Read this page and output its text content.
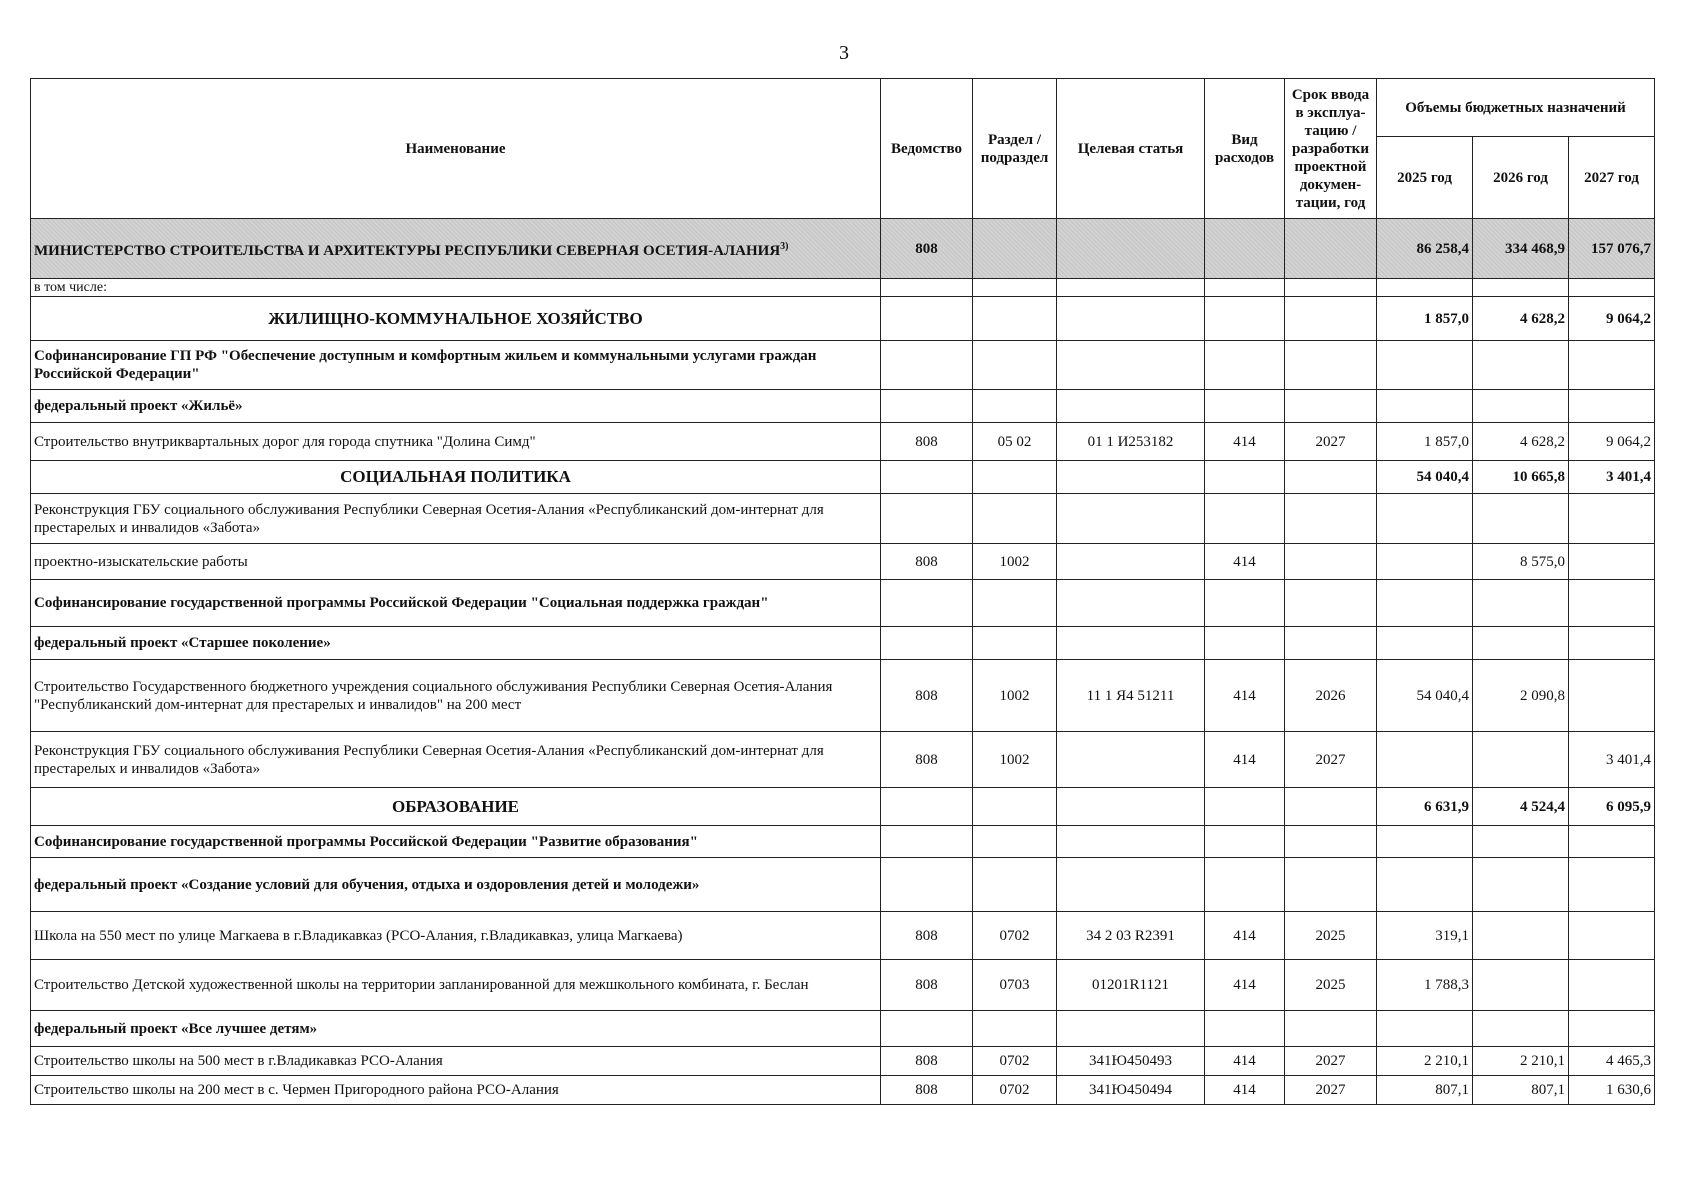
3
Наименование	Ведомство	Раздел / подраздел	Целевая статья	Вид расходов	Срок ввода в эксплуа-тацию / разработки проектной докумен-тации, год	Объемы бюджетных назначений		
						2025 год	2026 год	2027 год
МИНИСТЕРСТВО СТРОИТЕЛЬСТВА И АРХИТЕКТУРЫ РЕСПУБЛИКИ СЕВЕРНАЯ ОСЕТИЯ-АЛАНИЯ$^{3)}$	808					86 258,4	334 468,9	157 076,7
в том числе:								
ЖИЛИЩНО-КОММУНАЛЬНОЕ ХОЗЯЙСТВО						1 857,0	4 628,2	9 064,2
Софинансирование ГП РФ "Обеспечение доступным и комфортным жильем и коммунальными услугами граждан Российской Федерации"								
федеральный проект «Жильё»								
Строительство внутриквартальных дорог для города спутника "Долина Симд"	808	05 02	01 1 И253182	414	2027	1 857,0	4 628,2	9 064,2
СОЦИАЛЬНАЯ ПОЛИТИКА						54 040,4	10 665,8	3 401,4
Реконструкция ГБУ социального обслуживания Республики Северная Осетия-Алания «Республиканский дом-интернат для престарелых и инвалидов «Забота»								
проектно-изыскательские работы	808	1002		414			8 575,0	
Софинансирование государственной программы Российской Федерации "Социальная поддержка граждан"								
федеральный проект «Старшее поколение»								
Строительство Государственного бюджетного учреждения социального обслуживания Республики Северная Осетия-Алания "Республиканский дом-интернат для престарелых и инвалидов" на 200 мест	808	1002	11 1 Я4 51211	414	2026	54 040,4	2 090,8	
Реконструкция ГБУ социального обслуживания Республики Северная Осетия-Алания «Республиканский дом-интернат для престарелых и инвалидов «Забота»	808	1002		414	2027			3 401,4
ОБРАЗОВАНИЕ						6 631,9	4 524,4	6 095,9
Софинансирование государственной программы Российской Федерации "Развитие образования"								
федеральный проект «Создание условий для обучения, отдыха и оздоровления детей и молодежи»								
Школа на 550 мест по улице Магкаева в г.Владикавказ (РСО-Алания, г.Владикавказ, улица Магкаева)	808	0702	34 2 03 R2391	414	2025	319,1		
Строительство Детской художественной школы на территории запланированной для межшкольного комбината, г. Беслан	808	0703	01201R1121	414	2025	1 788,3		
федеральный проект «Все лучшее детям»								
Строительство школы на 500 мест в г.Владикавказ РСО-Алания	808	0702	341Ю450493	414	2027	2 210,1	2 210,1	4 465,3
Строительство школы на 200 мест в с. Чермен Пригородного района РСО-Алания	808	0702	341Ю450494	414	2027	807,1	807,1	1 630,6
